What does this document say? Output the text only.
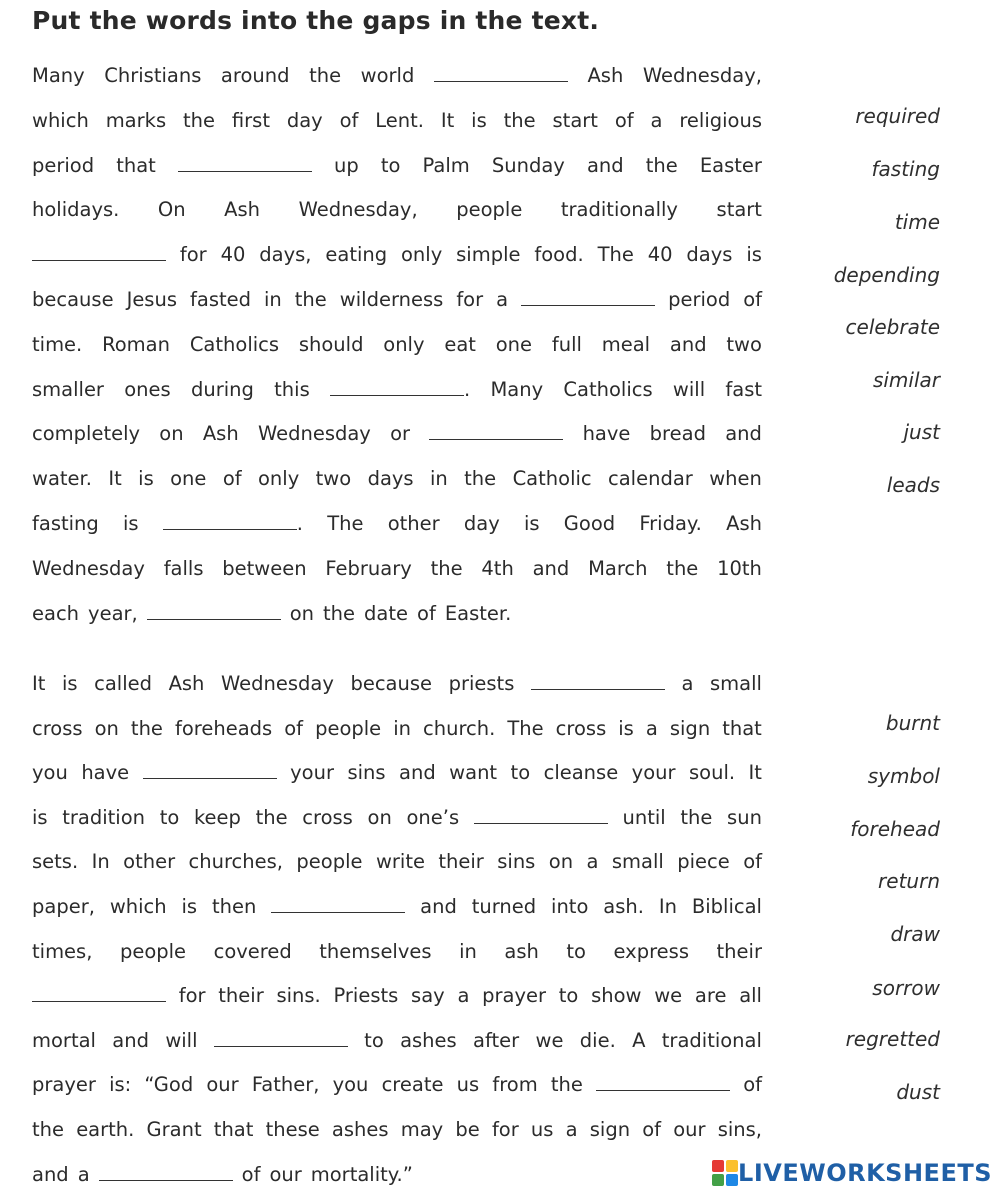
Put the words into the gaps in the text.
Many Christians around the world	Ash Wednesday,
which marks the first day of Lent. It is the start of a religious
period that	up to Palm Sunday and the Easter
holidays. On Ash Wednesday, people traditionally start
for 40 days, eating only simple food. The 40 days is
because Jesus fasted in the wilderness for a	period of
time. Roman Catholics should only eat one full meal and two
smaller ones during this	. Many Catholics will fast
completely on Ash Wednesday or	have bread and
water. It is one of only two days in the Catholic calendar when
fasting is	. The other day is Good Friday. Ash
Wednesday falls between February the 4th and March the 10th
each year,	on the date of Easter.
It is called Ash Wednesday because priests	a small
cross on the foreheads of people in church. The cross is a sign that
you have	your sins and want to cleanse your soul. It
is tradition to keep the cross on one’s	until the sun
sets. In other churches, people write their sins on a small piece of
paper, which is then	and turned into ash. In Biblical
times, people covered themselves in ash to express their
for their sins. Priests say a prayer to show we are all
mortal and will	to ashes after we die. A traditional
prayer is: “God our Father, you create us from the	of
the earth. Grant that these ashes may be for us a sign of our sins,
and a	of our mortality.”
required
fasting
time
depending
celebrate
similar
just
leads
burnt
symbol
forehead
return
draw
sorrow
regretted
dust
LIVEWORKSHEETS
